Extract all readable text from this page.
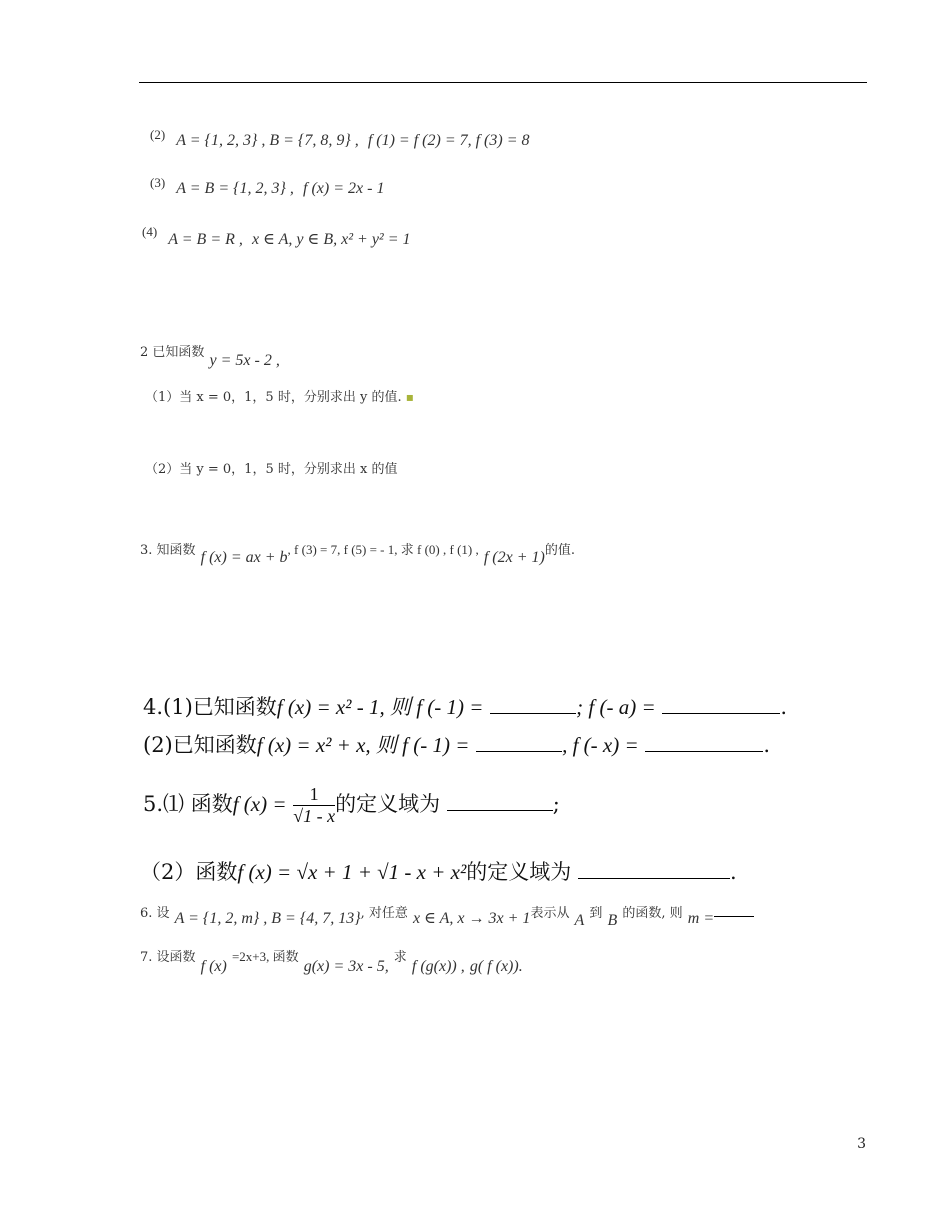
(2) A = {1, 2, 3} , B = {7, 8, 9} , f (1) = f (2) = 7, f (3) = 8
(3) A = B = {1, 2, 3} , f (x) = 2x - 1
(4) A = B = R , x ∈ A, y ∈ B, x² + y² = 1
2 已知函数 y = 5x - 2 ,
（1）当 x = 0，1，5 时，分别求出 y 的值. ▪
（2）当 y = 0，1，5 时，分别求出 x 的值
3. 知函数 f (x) = ax + b, f (3) = 7, f (5) = - 1, 求 f (0) , f (1) , f (2x + 1)的值.
4.(1)已知函数f (x) = x² - 1, 则 f (- 1) =	; f (- a) =	.
(2)已知函数f (x) = x² + x, 则 f (- 1) =	, f (- x) =	.
5.⑴ 函数f $(x) = \frac{1}{√1 - x}$ 的定义域为	;
（2）函数f (x) = √x + 1 + √1 - x + x²的定义域为	.
6. 设 A = {1, 2, m} , B = {4, 7, 13}, 对任意 x ∈ A, x → 3x + 1表示从 A 到 B 的函数, 则 m =
7. 设函数 f (x) =2x+3, 函数 g(x) = 3x - 5, 求 f (g(x)) , g( f (x)).
3
